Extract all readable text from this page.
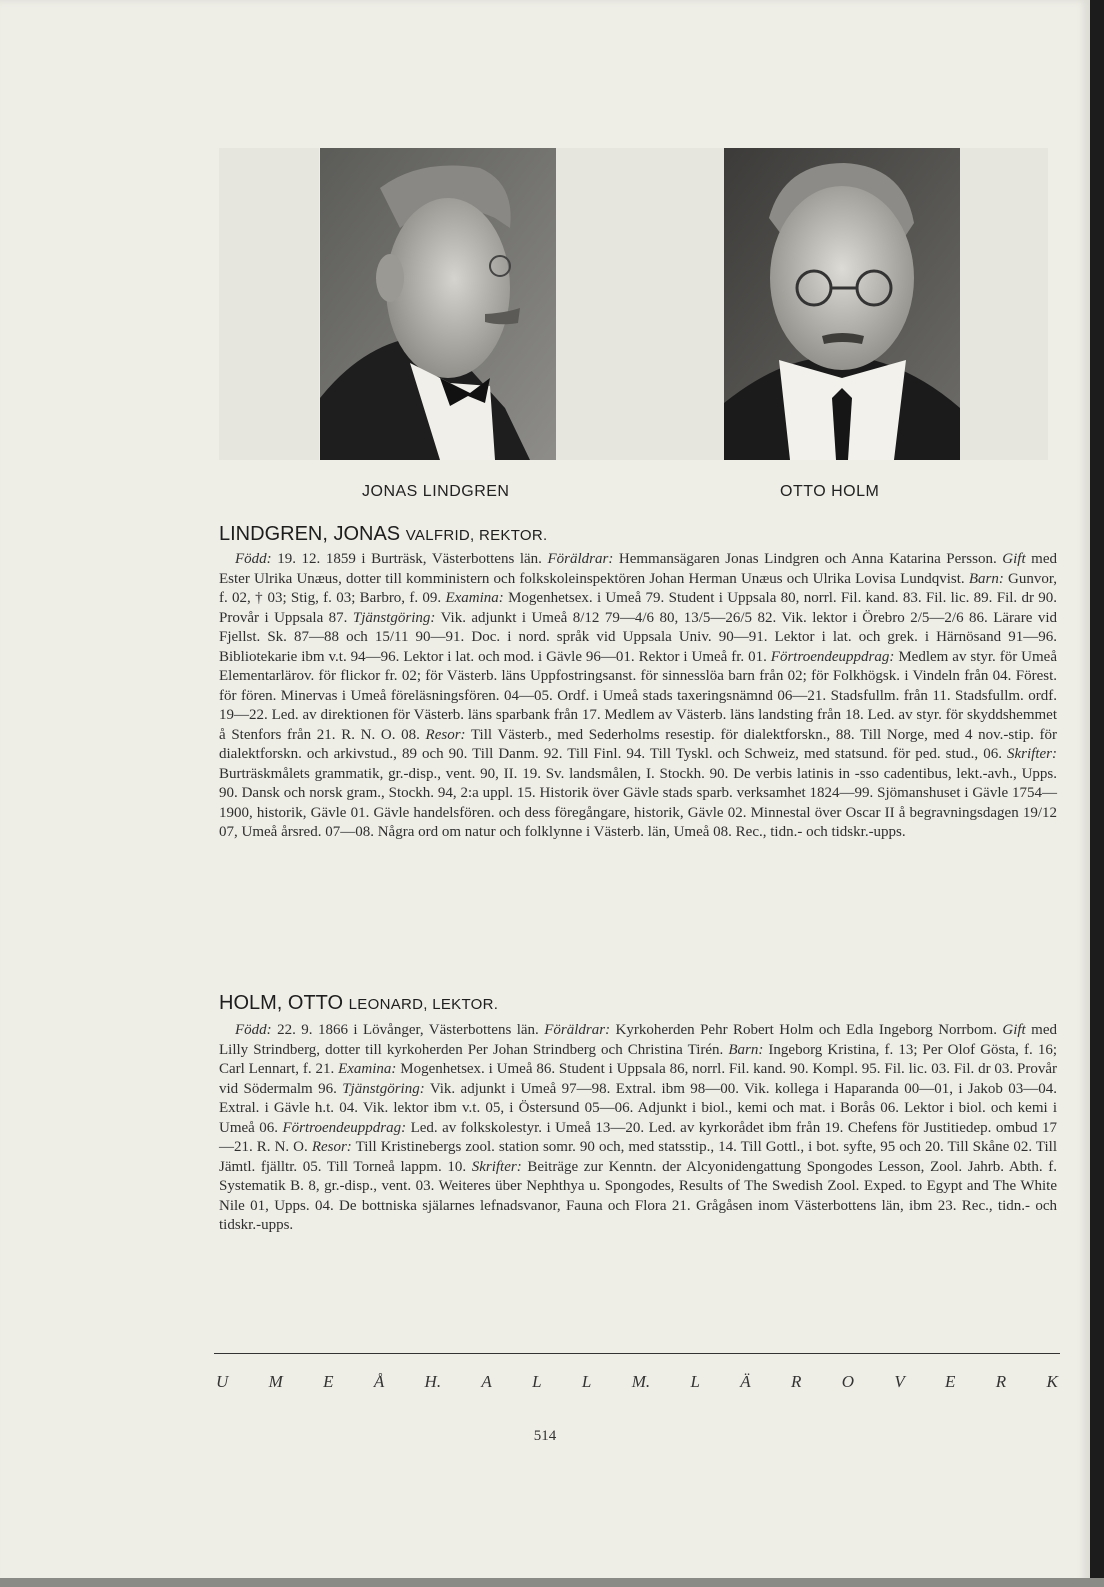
JONAS LINDGREN	OTTO HOLM
LINDGREN, JONAS VALFRID, REKTOR.
Född: 19. 12. 1859 i Burträsk, Västerbottens län. Föräldrar: Hemmansägaren Jonas Lindgren och Anna Katarina Persson. Gift med Ester Ulrika Unæus, dotter till komministern och folkskoleinspektören Johan Herman Unæus och Ulrika Lovisa Lundqvist. Barn: Gunvor, f. 02, † 03; Stig, f. 03; Barbro, f. 09. Examina: Mogenhetsex. i Umeå 79. Student i Uppsala 80, norrl. Fil. kand. 83. Fil. lic. 89. Fil. dr 90. Provår i Uppsala 87. Tjänstgöring: Vik. adjunkt i Umeå 8/12 79—4/6 80, 13/5—26/5 82. Vik. lektor i Örebro 2/5—2/6 86. Lärare vid Fjellst. Sk. 87—88 och 15/11 90—91. Doc. i nord. språk vid Uppsala Univ. 90—91. Lektor i lat. och grek. i Härnösand 91—96. Bibliotekarie ibm v.t. 94—96. Lektor i lat. och mod. i Gävle 96—01. Rektor i Umeå fr. 01. Förtroendeuppdrag: Medlem av styr. för Umeå Elementarlärov. för flickor fr. 02; för Västerb. läns Uppfostringsanst. för sinnesslöa barn från 02; för Folkhögsk. i Vindeln från 04. Förest. för fören. Minervas i Umeå föreläsningsfören. 04—05. Ordf. i Umeå stads taxeringsnämnd 06—21. Stadsfullm. från 11. Stadsfullm. ordf. 19—22. Led. av direktionen för Västerb. läns sparbank från 17. Medlem av Västerb. läns landsting från 18. Led. av styr. för skyddshemmet å Stenfors från 21. R. N. O. 08. Resor: Till Västerb., med Sederholms resestip. för dialektforskn., 88. Till Norge, med 4 nov.-stip. för dialektforskn. och arkivstud., 89 och 90. Till Danm. 92. Till Finl. 94. Till Tyskl. och Schweiz, med statsund. för ped. stud., 06. Skrifter: Burträskmålets grammatik, gr.-disp., vent. 90, II. 19. Sv. landsmålen, I. Stockh. 90. De verbis latinis in -sso cadentibus, lekt.-avh., Upps. 90. Dansk och norsk gram., Stockh. 94, 2:a uppl. 15. Historik över Gävle stads sparb. verksamhet 1824—99. Sjömanshuset i Gävle 1754—1900, historik, Gävle 01. Gävle handelsfören. och dess föregångare, historik, Gävle 02. Minnestal över Oscar II å begravningsdagen 19/12 07, Umeå årsred. 07—08. Några ord om natur och folklynne i Västerb. län, Umeå 08. Rec., tidn.- och tidskr.-upps.
HOLM, OTTO LEONARD, LEKTOR.
Född: 22. 9. 1866 i Lövånger, Västerbottens län. Föräldrar: Kyrkoherden Pehr Robert Holm och Edla Ingeborg Norrbom. Gift med Lilly Strindberg, dotter till kyrkoherden Per Johan Strindberg och Christina Tirén. Barn: Ingeborg Kristina, f. 13; Per Olof Gösta, f. 16; Carl Lennart, f. 21. Examina: Mogenhetsex. i Umeå 86. Student i Uppsala 86, norrl. Fil. kand. 90. Kompl. 95. Fil. lic. 03. Fil. dr 03. Provår vid Södermalm 96. Tjänstgöring: Vik. adjunkt i Umeå 97—98. Extral. ibm 98—00. Vik. kollega i Haparanda 00—01, i Jakob 03—04. Extral. i Gävle h.t. 04. Vik. lektor ibm v.t. 05, i Östersund 05—06. Adjunkt i biol., kemi och mat. i Borås 06. Lektor i biol. och kemi i Umeå 06. Förtroendeuppdrag: Led. av folkskolestyr. i Umeå 13—20. Led. av kyrkorådet ibm från 19. Chefens för Justitiedep. ombud 17—21. R. N. O. Resor: Till Kristinebergs zool. station somr. 90 och, med statsstip., 14. Till Gottl., i bot. syfte, 95 och 20. Till Skåne 02. Till Jämtl. fjälltr. 05. Till Torneå lappm. 10. Skrifter: Beiträge zur Kenntn. der Alcyonidengattung Spongodes Lesson, Zool. Jahrb. Abth. f. Systematik B. 8, gr.-disp., vent. 03. Weiteres über Nephthya u. Spongodes, Results of The Swedish Zool. Exped. to Egypt and The White Nile 01, Upps. 04. De bottniska själarnes lefnadsvanor, Fauna och Flora 21. Grågåsen inom Västerbottens län, ibm 23. Rec., tidn.- och tidskr.-upps.
U M E Å H. A L L M. L Ä R O V E R K
514
